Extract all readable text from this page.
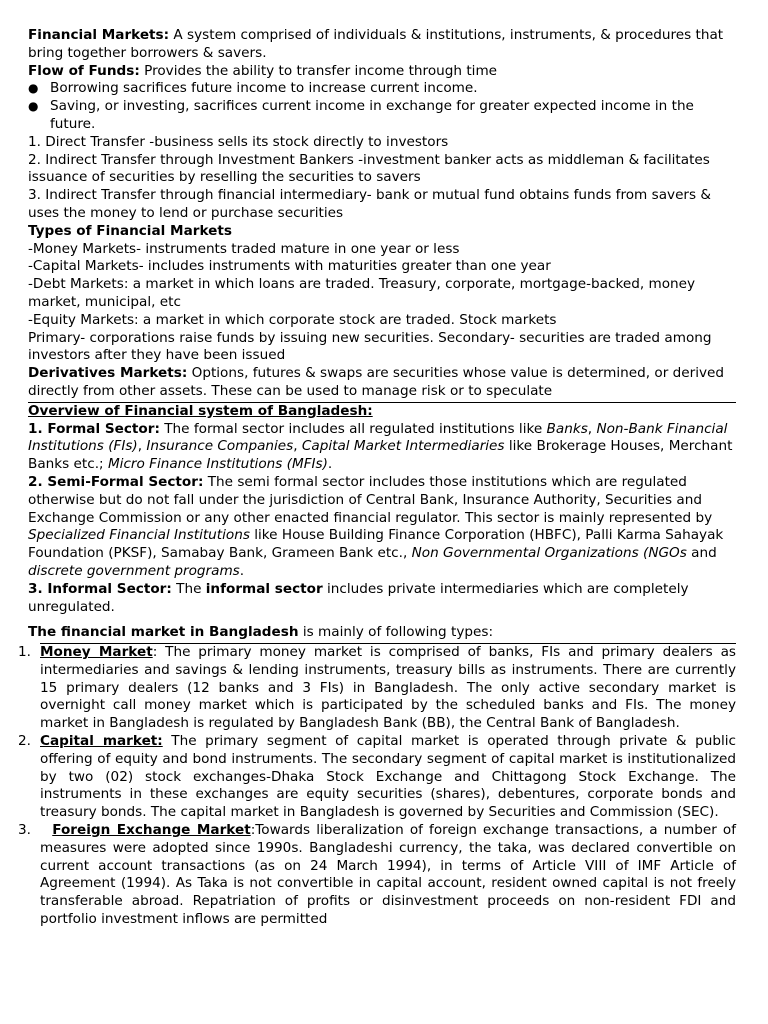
Financial Markets: A system comprised of individuals & institutions, instruments, & procedures that bring together borrowers & savers.

Flow of Funds: Provides the ability to transfer income through time

● Borrowing sacrifices future income to increase current income.

● Saving, or investing, sacrifices current income in exchange for greater expected income in the future.

1. Direct Transfer -business sells its stock directly to investors

2. Indirect Transfer through Investment Bankers -investment banker acts as middleman & facilitates issuance of securities by reselling the securities to savers

3. Indirect Transfer through financial intermediary- bank or mutual fund obtains funds from savers & uses the money to lend or purchase securities

Types of Financial Markets

-Money Markets- instruments traded mature in one year or less

-Capital Markets- includes instruments with maturities greater than one year

-Debt Markets: a market in which loans are traded. Treasury, corporate, mortgage-backed, money market, municipal, etc

-Equity Markets: a market in which corporate stock are traded. Stock markets

Primary- corporations raise funds by issuing new securities. Secondary- securities are traded among investors after they have been issued

Derivatives Markets: Options, futures & swaps are securities whose value is determined, or derived directly from other assets. These can be used to manage risk or to speculate

Overview of Financial system of Bangladesh:

1. Formal Sector: The formal sector includes all regulated institutions like Banks, Non-Bank Financial Institutions (FIs), Insurance Companies, Capital Market Intermediaries like Brokerage Houses, Merchant Banks etc.; Micro Finance Institutions (MFIs).

2. Semi-Formal Sector: The semi formal sector includes those institutions which are regulated otherwise but do not fall under the jurisdiction of Central Bank, Insurance Authority, Securities and Exchange Commission or any other enacted financial regulator. This sector is mainly represented by Specialized Financial Institutions like House Building Finance Corporation (HBFC), Palli Karma Sahayak Foundation (PKSF), Samabay Bank, Grameen Bank etc., Non Governmental Organizations (NGOs and discrete government programs.

3. Informal Sector: The informal sector includes private intermediaries which are completely unregulated.

The financial market in Bangladesh is mainly of following types:

1. Money Market: The primary money market is comprised of banks, FIs and primary dealers as intermediaries and savings & lending instruments, treasury bills as instruments. There are currently 15 primary dealers (12 banks and 3 FIs) in Bangladesh. The only active secondary market is overnight call money market which is participated by the scheduled banks and FIs. The money market in Bangladesh is regulated by Bangladesh Bank (BB), the Central Bank of Bangladesh.

2. Capital market: The primary segment of capital market is operated through private & public offering of equity and bond instruments. The secondary segment of capital market is institutionalized by two (02) stock exchanges-Dhaka Stock Exchange and Chittagong Stock Exchange. The instruments in these exchanges are equity securities (shares), debentures, corporate bonds and treasury bonds. The capital market in Bangladesh is governed by Securities and Commission (SEC).

3. Foreign Exchange Market:Towards liberalization of foreign exchange transactions, a number of measures were adopted since 1990s. Bangladeshi currency, the taka, was declared convertible on current account transactions (as on 24 March 1994), in terms of Article VIII of IMF Article of Agreement (1994). As Taka is not convertible in capital account, resident owned capital is not freely transferable abroad. Repatriation of profits or disinvestment proceeds on non-resident FDI and portfolio investment inflows are permitted
